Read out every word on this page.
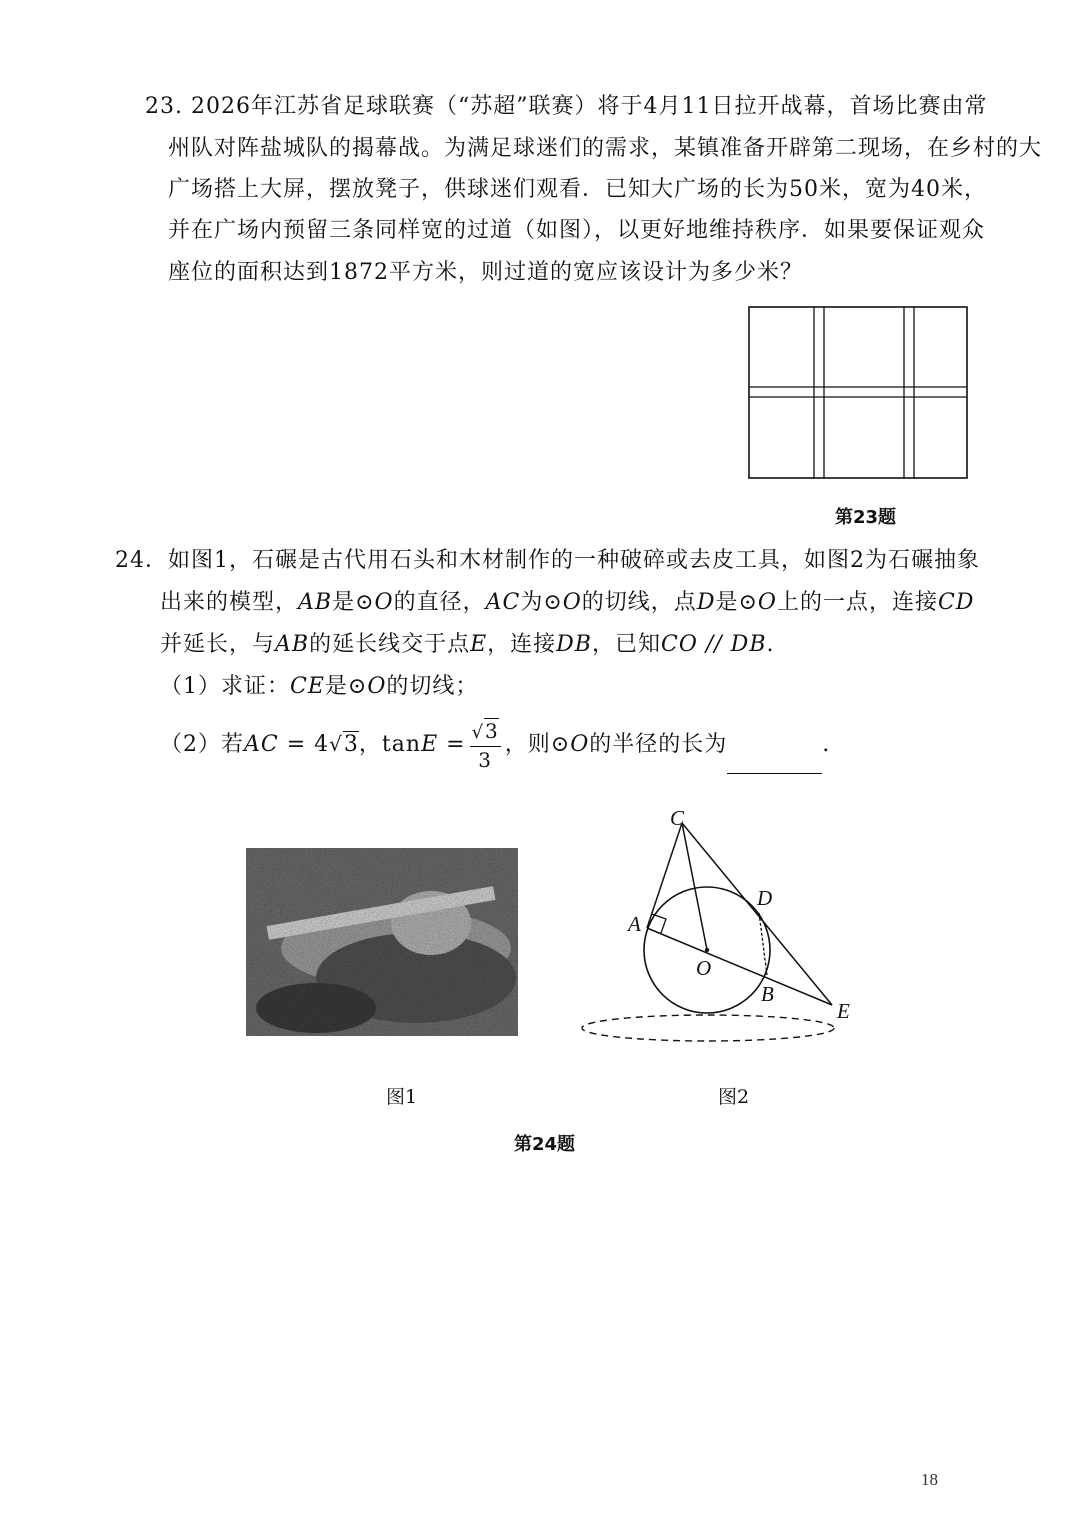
23. 2026年江苏省足球联赛（“苏超”联赛）将于4月11日拉开战幕，首场比赛由常
州队对阵盐城队的揭幕战。为满足球迷们的需求，某镇准备开辟第二现场，在乡村的大
广场搭上大屏，摆放凳子，供球迷们观看．已知大广场的长为50米，宽为40米，
并在广场内预留三条同样宽的过道（如图），以更好地维持秩序．如果要保证观众
座位的面积达到1872平方米，则过道的宽应该设计为多少米？
第23题
24．如图1，石碾是古代用石头和木材制作的一种破碎或去皮工具，如图2为石碾抽象
出来的模型，AB是⊙O的直径，AC为⊙O的切线，点D是⊙O上的一点，连接CD
并延长，与AB的延长线交于点E，连接DB，已知CO // DB.
（1）求证：CE是⊙O的切线；
（2）若AC = 4√3，$\tan E = \frac{√3}{3}$ ，则⊙O的半径的长为	.
C
D
A
O
B
E
图1	图2
第24题
18
